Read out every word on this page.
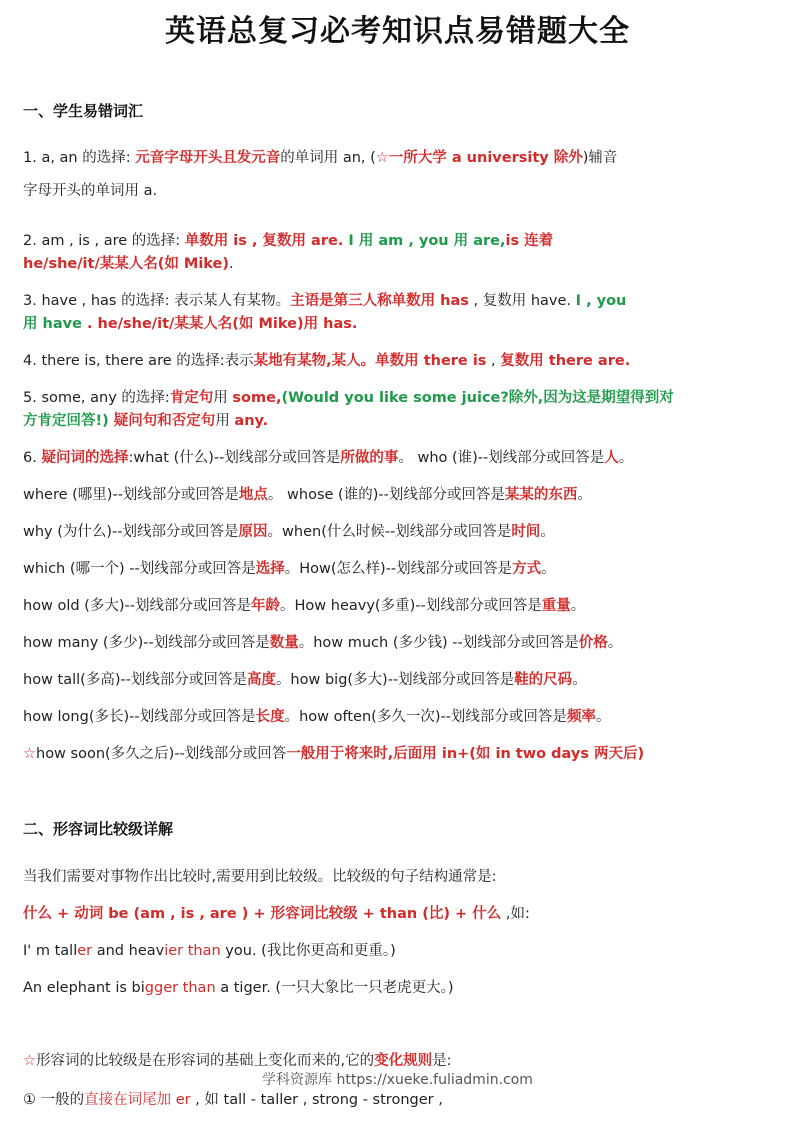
英语总复习必考知识点易错题大全
一、学生易错词汇
1. a, an 的选择: 元音字母开头且发元音的单词用 an, (☆一所大学 a university 除外)辅音
字母开头的单词用 a.
2. am , is , are 的选择: 单数用 is , 复数用 are. I 用 am , you 用 are,is 连着
he/she/it/某某人名(如 Mike).
3. have , has 的选择: 表示某人有某物。主语是第三人称单数用 has , 复数用 have. I , you
用 have . he/she/it/某某人名(如 Mike)用 has.
4. there is, there are 的选择:表示某地有某物,某人。单数用 there is , 复数用 there are.
5. some, any 的选择:肯定句用 some,(Would you like some juice?除外,因为这是期望得到对
方肯定回答!) 疑问句和否定句用 any.
6. 疑问词的选择:what (什么)--划线部分或回答是所做的事。 who (谁)--划线部分或回答是人。
where (哪里)--划线部分或回答是地点。 whose (谁的)--划线部分或回答是某某的东西。
why (为什么)--划线部分或回答是原因。when(什么时候--划线部分或回答是时间。
which (哪一个) --划线部分或回答是选择。How(怎么样)--划线部分或回答是方式。
how old (多大)--划线部分或回答是年龄。How heavy(多重)--划线部分或回答是重量。
how many (多少)--划线部分或回答是数量。how much (多少钱) --划线部分或回答是价格。
how tall(多高)--划线部分或回答是高度。how big(多大)--划线部分或回答是鞋的尺码。
how long(多长)--划线部分或回答是长度。how often(多久一次)--划线部分或回答是频率。
☆how soon(多久之后)--划线部分或回答一般用于将来时,后面用 in+(如 in two days 两天后)
二、形容词比较级详解
当我们需要对事物作出比较时,需要用到比较级。比较级的句子结构通常是:
什么 + 动词 be (am , is , are ) + 形容词比较级 + than (比) + 什么 ,如:
I' m taller and heavier than you. (我比你更高和更重。)
An elephant is bigger than a tiger. (一只大象比一只老虎更大。)
☆形容词的比较级是在形容词的基础上变化而来的,它的变化规则是:
学科资源库 https://xueke.fuliadmin.com
① 一般的直接在词尾加 er , 如 tall - taller , strong - stronger ,
